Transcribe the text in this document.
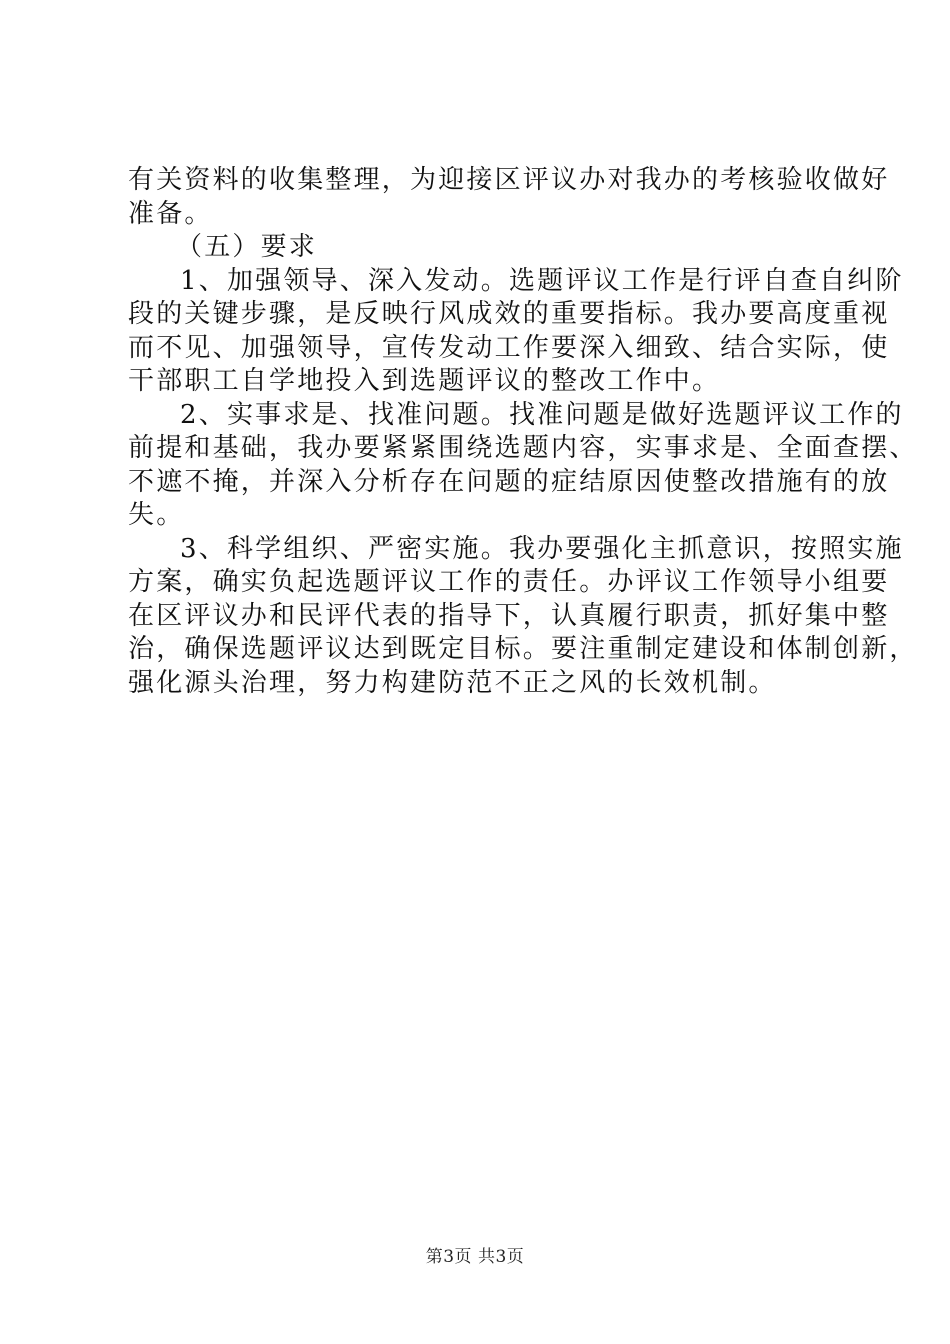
有关资料的收集整理，为迎接区评议办对我办的考核验收做好
准备。
（五）要求
1、加强领导、深入发动。选题评议工作是行评自查自纠阶
段的关键步骤，是反映行风成效的重要指标。我办要高度重视
而不见、加强领导，宣传发动工作要深入细致、结合实际，使
干部职工自学地投入到选题评议的整改工作中。
2、实事求是、找准问题。找准问题是做好选题评议工作的
前提和基础，我办要紧紧围绕选题内容，实事求是、全面查摆、
不遮不掩，并深入分析存在问题的症结原因使整改措施有的放
失。
3、科学组织、严密实施。我办要强化主抓意识，按照实施
方案，确实负起选题评议工作的责任。办评议工作领导小组要
在区评议办和民评代表的指导下，认真履行职责，抓好集中整
治，确保选题评议达到既定目标。要注重制定建设和体制创新，
强化源头治理，努力构建防范不正之风的长效机制。
第3页 共3页
